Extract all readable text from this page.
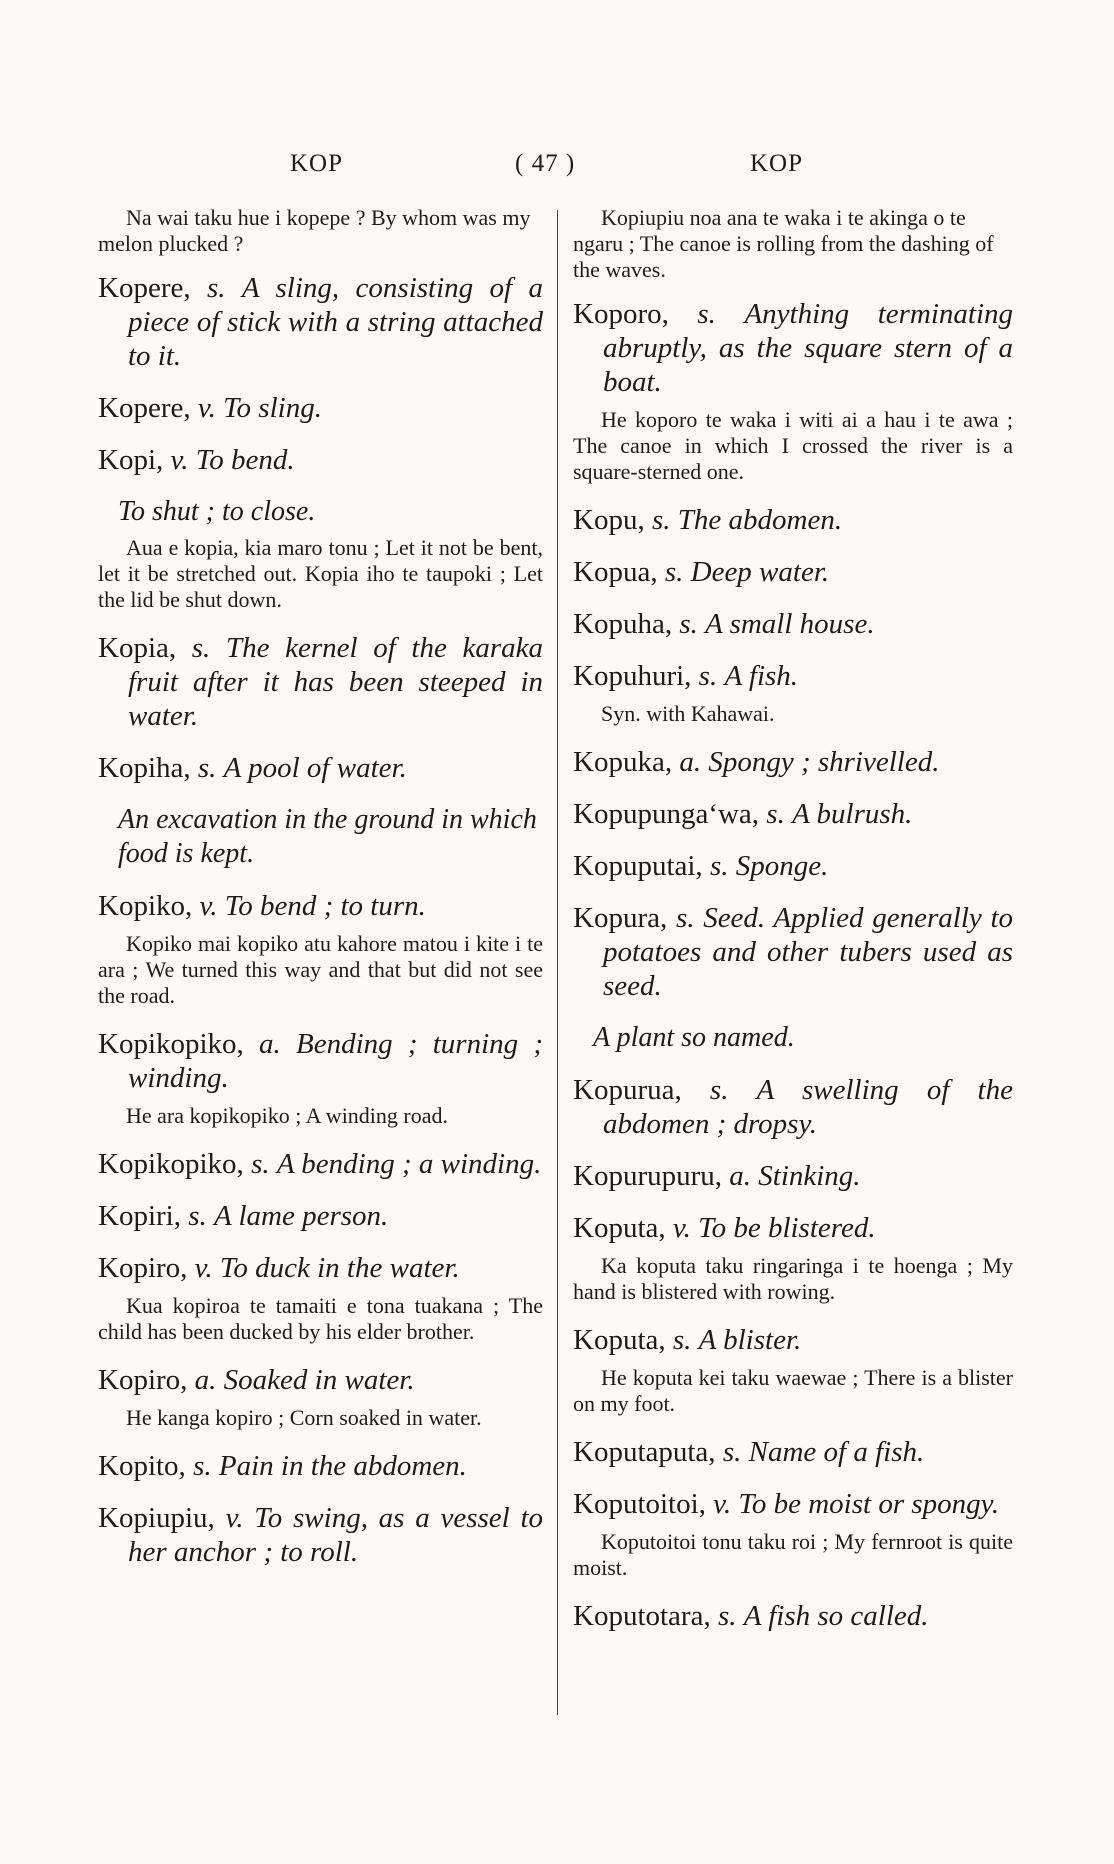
KOP	( 47 )	KOP
Na wai taku hue i kopepe ? By whom was my melon plucked ?
Kopere, s. A sling, consisting of a piece of stick with a string attached to it.
Kopere, v. To sling.
Kopi, v. To bend.
To shut ; to close.
Aua e kopia, kia maro tonu ; Let it not be bent, let it be stretched out. Kopia iho te taupoki ; Let the lid be shut down.
Kopia, s. The kernel of the karaka fruit after it has been steeped in water.
Kopiha, s. A pool of water.
An excavation in the ground in which food is kept.
Kopiko, v. To bend ; to turn.
Kopiko mai kopiko atu kahore matou i kite i te ara ; We turned this way and that but did not see the road.
Kopikopiko, a. Bending ; turning ; winding.
He ara kopikopiko ; A winding road.
Kopikopiko, s. A bending ; a winding.
Kopiri, s. A lame person.
Kopiro, v. To duck in the water.
Kua kopiroa te tamaiti e tona tuakana ; The child has been ducked by his elder brother.
Kopiro, a. Soaked in water.
He kanga kopiro ; Corn soaked in water.
Kopito, s. Pain in the abdomen.
Kopiupiu, v. To swing, as a vessel to her anchor ; to roll.
Kopiupiu noa ana te waka i te akinga o te ngaru ; The canoe is rolling from the dashing of the waves.
Koporo, s. Anything terminating abruptly, as the square stern of a boat.
He koporo te waka i witi ai a hau i te awa ; The canoe in which I crossed the river is a square-sterned one.
Kopu, s. The abdomen.
Kopua, s. Deep water.
Kopuha, s. A small house.
Kopuhuri, s. A fish.
Syn. with Kahawai.
Kopuka, a. Spongy ; shrivelled.
Kopupunga‘wa, s. A bulrush.
Kopuputai, s. Sponge.
Kopura, s. Seed. Applied generally to potatoes and other tubers used as seed.
A plant so named.
Kopurua, s. A swelling of the abdomen ; dropsy.
Kopurupuru, a. Stinking.
Koputa, v. To be blistered.
Ka koputa taku ringaringa i te hoenga ; My hand is blistered with rowing.
Koputa, s. A blister.
He koputa kei taku waewae ; There is a blister on my foot.
Koputaputa, s. Name of a fish.
Koputoitoi, v. To be moist or spongy.
Koputoitoi tonu taku roi ; My fernroot is quite moist.
Koputotara, s. A fish so called.
